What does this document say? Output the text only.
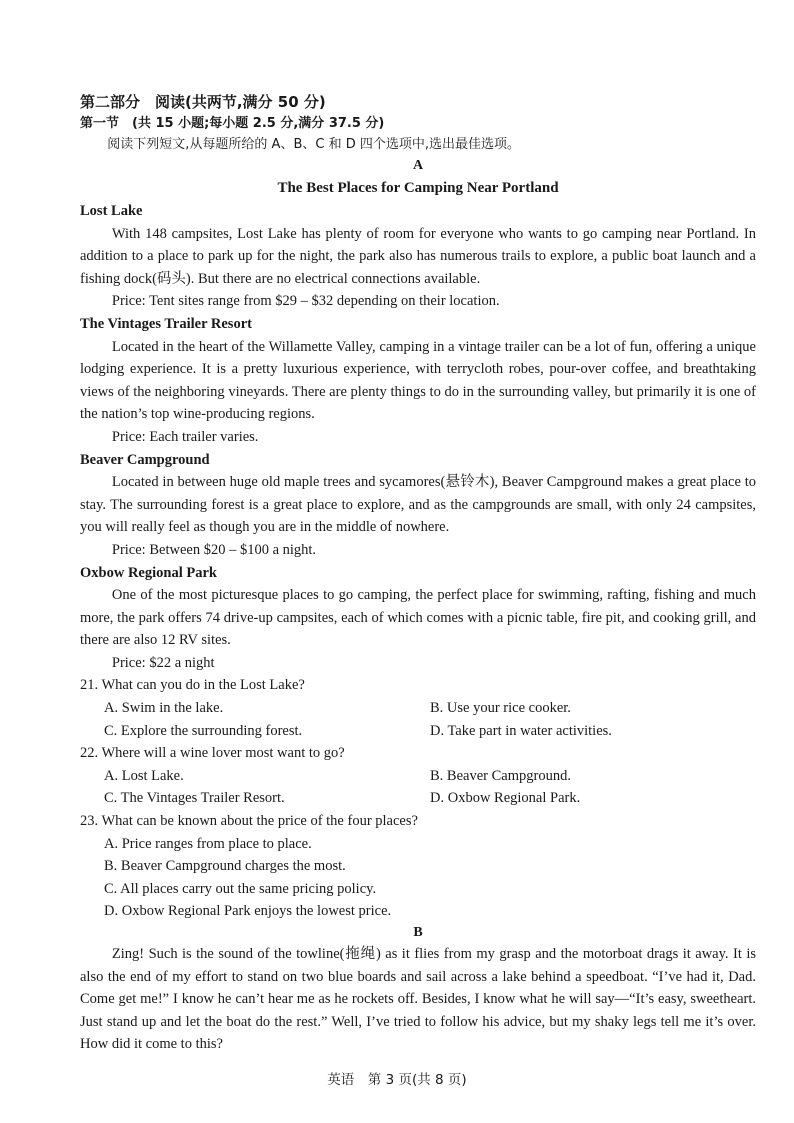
第二部分　阅读(共两节,满分 50 分)
第一节　(共 15 小题;每小题 2.5 分,满分 37.5 分)
阅读下列短文,从每题所给的 A、B、C 和 D 四个选项中,选出最佳选项。
A
The Best Places for Camping Near Portland
Lost Lake

With 148 campsites, Lost Lake has plenty of room for everyone who wants to go camping near Portland. In addition to a place to park up for the night, the park also has numerous trails to explore, a public boat launch and a fishing dock(码头). But there are no electrical connections available.

Price: Tent sites range from $29 – $32 depending on their location.
The Vintages Trailer Resort

Located in the heart of the Willamette Valley, camping in a vintage trailer can be a lot of fun, offering a unique lodging experience. It is a pretty luxurious experience, with terrycloth robes, pour-over coffee, and breathtaking views of the neighboring vineyards. There are plenty things to do in the surrounding valley, but primarily it is one of the nation’s top wine-producing regions.

Price: Each trailer varies.
Beaver Campground

Located in between huge old maple trees and sycamores(悬铃木), Beaver Campground makes a great place to stay. The surrounding forest is a great place to explore, and as the campgrounds are small, with only 24 campsites, you will really feel as though you are in the middle of nowhere.

Price: Between $20 – $100 a night.
Oxbow Regional Park

One of the most picturesque places to go camping, the perfect place for swimming, rafting, fishing and much more, the park offers 74 drive-up campsites, each of which comes with a picnic table, fire pit, and cooking grill, and there are also 12 RV sites.

Price: $22 a night

21. What can you do in the Lost Lake?

A. Swim in the lake.	B. Use your rice cooker.
C. Explore the surrounding forest.	D. Take part in water activities.

22. Where will a wine lover most want to go?

A. Lost Lake.	B. Beaver Campground.
C. The Vintages Trailer Resort.	D. Oxbow Regional Park.

23. What can be known about the price of the four places?

A. Price ranges from place to place.
B. Beaver Campground charges the most.
C. All places carry out the same pricing policy.
D. Oxbow Regional Park enjoys the lowest price.
B

Zing! Such is the sound of the towline(拖绳) as it flies from my grasp and the motorboat drags it away. It is also the end of my effort to stand on two blue boards and sail across a lake behind a speedboat. “I’ve had it, Dad. Come get me!” I know he can’t hear me as he rockets off. Besides, I know what he will say—“It’s easy, sweetheart. Just stand up and let the boat do the rest.” Well, I’ve tried to follow his advice, but my shaky legs tell me it’s over. How did it come to this?

英语　第 3 页(共 8 页)
